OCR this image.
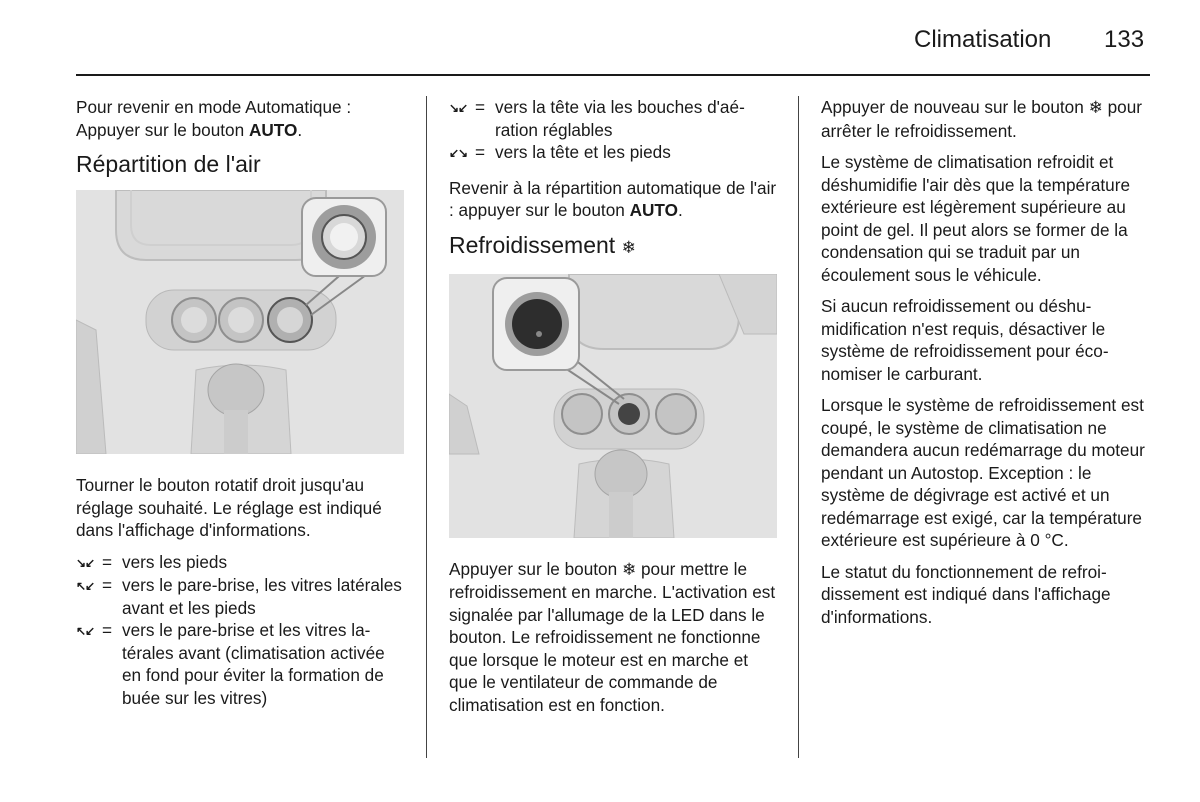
Climatisation 133

Pour revenir en mode Automatique : Appuyer sur le bouton AUTO.

Répartition de l'air

Tourner le bouton rotatif droit jusqu'au réglage souhaité. Le réglage est indiqué dans l'affichage d'informations.

↘↙ = vers les pieds
↖↙ = vers le pare-brise, les vitres latérales avant et les pieds
↖↙ = vers le pare-brise et les vitres latérales avant (climatisation activée en fond pour éviter la formation de buée sur les vitres)
↘↙ = vers la tête via les bouches d'aération réglables
↙↘ = vers la tête et les pieds

Revenir à la répartition automatique de l'air : appuyer sur le bouton AUTO.

Refroidissement ❄

Appuyer sur le bouton ❄ pour mettre le refroidissement en marche. L'activation est signalée par l'allumage de la LED dans le bouton. Le refroidissement ne fonctionne que lorsque le moteur est en marche et que le ventilateur de commande de climatisation est en fonction.

Appuyer de nouveau sur le bouton ❄ pour arrêter le refroidissement.

Le système de climatisation refroidit et déshumidifie l'air dès que la température extérieure est légèrement supérieure au point de gel. Il peut alors se former de la condensation qui se traduit par un écoulement sous le véhicule.

Si aucun refroidissement ou déshumidification n'est requis, désactiver le système de refroidissement pour économiser le carburant.

Lorsque le système de refroidissement est coupé, le système de climatisation ne demandera aucun redémarrage du moteur pendant un Autostop. Exception : le système de dégivrage est activé et un redémarrage est exigé, car la température extérieure est supérieure à 0 °C.

Le statut du fonctionnement de refroidissement est indiqué dans l'affichage d'informations.
